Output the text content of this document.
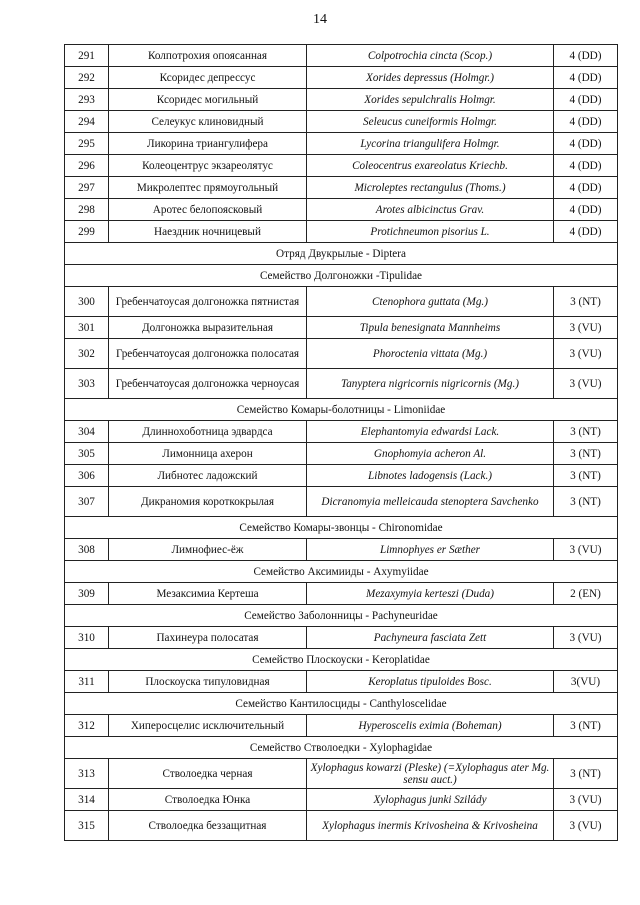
14
291	Колпотрохия опоясанная	Colpotrochia cincta (Scop.)	4 (DD)
292	Ксоридес депрессус	Xorides depressus (Holmgr.)	4 (DD)
293	Ксоридес могильный	Xorides sepulchralis Holmgr.	4 (DD)
294	Селеукус клиновидный	Seleucus cuneiformis Holmgr.	4 (DD)
295	Ликорина триангулифера	Lycorina triangulifera Holmgr.	4 (DD)
296	Колеоцентрус экзареолятус	Coleocentrus exareolatus Kriechb.	4 (DD)
297	Микролептес прямоугольный	Microleptes rectangulus (Thoms.)	4 (DD)
298	Аротес белопоясковый	Arotes albicinctus Grav.	4 (DD)
299	Наездник ночницевый	Protichneumon pisorius L.	4 (DD)
Отряд Двукрылые - Diptera			
Семейство Долгоножки -Tipulidae			
300	Гребенчатоусая долгоножка пятнистая	Ctenophora guttata (Mg.)	3 (NT)
301	Долгоножка выразительная	Tipula benesignata Mannheims	3 (VU)
302	Гребенчатоусая долгоножка полосатая	Phoroctenia vittata (Mg.)	3 (VU)
303	Гребенчатоусая долгоножка черноусая	Tanyptera nigricornis nigricornis (Mg.)	3 (VU)
Семейство Комары-болотницы - Limoniidae			
304	Длиннохоботница эдвардса	Elephantomyia edwardsi Lack.	3 (NT)
305	Лимонница ахерон	Gnophomyia acheron Al.	3 (NT)
306	Либнотес ладожский	Libnotes ladogensis (Lack.)	3 (NT)
307	Дикраномия короткокрылая	Dicranomyia melleicauda stenoptera Savchenko	3 (NT)
Семейство Комары-звонцы - Chironomidae			
308	Лимнофиес-ёж	Limnophyes er Sæther	3 (VU)
Семейство Аксимииды - Axymyiidae			
309	Мезаксимиа Кертеша	Mezaxymyia kerteszi (Duda)	2 (EN)
Семейство Заболонницы - Pachyneuridae			
310	Пахинеура полосатая	Pachyneura fasciata Zett	3 (VU)
Семейство Плоскоуски - Keroplatidae			
311	Плоскоуска типуловидная	Keroplatus tipuloides Bosc.	3(VU)
Семейство Кантилосциды - Canthyloscelidae			
312	Хиперосцелис исключительный	Hyperoscelis eximia (Boheman)	3 (NT)
Семейство Стволоедки - Xylophagidae			
313	Стволоедка черная	Xylophagus kowarzi (Pleske) (=Xylophagus ater Mg. sensu auct.)	3 (NT)
314	Стволоедка Юнка	Xylophagus junki Szilády	3 (VU)
315	Стволоедка беззащитная	Xylophagus inermis Krivosheina & Krivosheina	3 (VU)
